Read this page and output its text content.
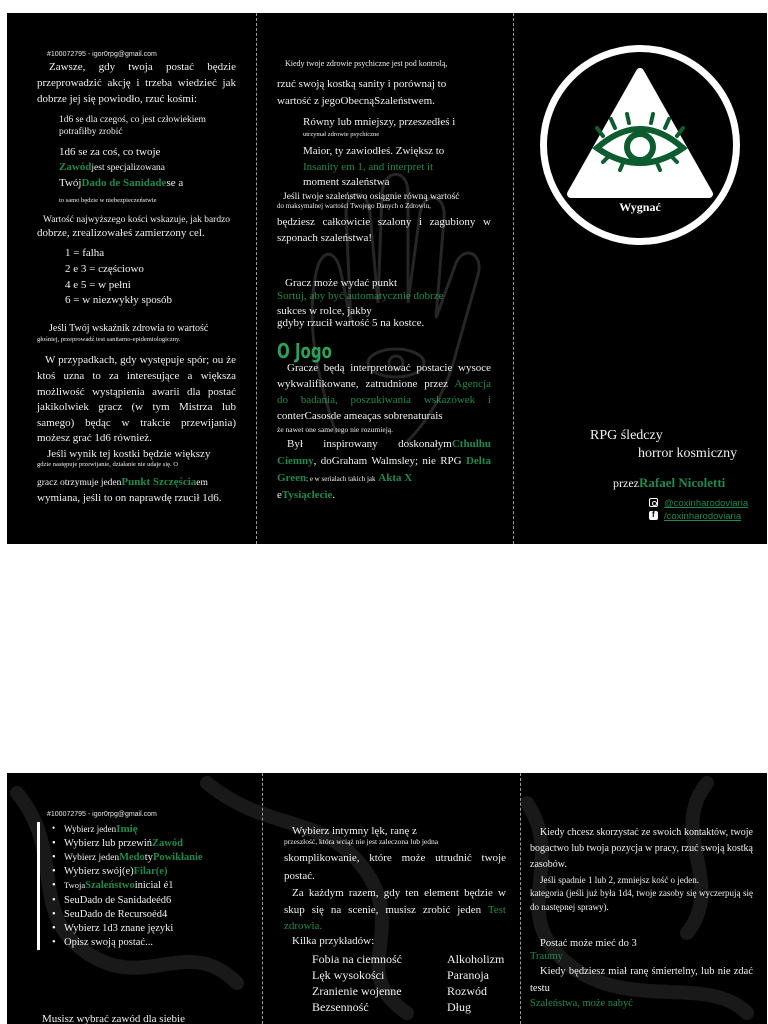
#100072795 - igor0rpg@gmail.com

Zawsze, gdy twoja postać będzie przeprowadzić akcję i trzeba wiedzieć jak dobrze jej się powiodło, rzuć kośmi:

1d6 se dla czegoś, co jest człowiekiem
potrafiłby zrobić
1d6 se za coś, co twoje
Zawódjest specjalizowana
TwójDado de Sanidadese a
to samo będzie w niebezpieczeństwie
Wartość najwyższego kości wskazuje, jak bardzo
dobrze, zrealizowałeś zamierzony cel.
1 = falha
2 e 3 = częściowo
4 e 5 = w pełni
6 = w niezwykły sposób
Jeśli Twój wskaźnik zdrowia to wartość
głośniej, przeprowadź test sanitarno-epidemiologiczny.

W przypadkach, gdy występuje spór; ou że ktoś uzna to za interesujące a większa możliwość wystąpienia awarii dla postać jakikolwiek gracz (w tym Mistrza lub samego) będąc w trakcie przewijania) możesz grać 1d6 również.

Jeśli wynik tej kostki będzie większy
gdzie następuje przewijanie, działanie nie udaje się. O
gracz otrzymuje jedenPunkt Szczęściaem
wymiana, jeśli to on naprawdę rzucił 1d6.
Kiedy twoje zdrowie psychiczne jest pod kontrolą,
rzuć swoją kostką sanity i porównaj to
wartość z jegoObecnąSzaleństwem.
Równy lub mniejszy, przeszedłeś i
utrzymał zdrowie psychiczne
Maior, ty zawiodłeś. Zwiększ to
Insanity em 1, and interpret it
moment szaleństwa
Jeśli twoje szaleństwo osiągnie równą wartość
do maksymalnej wartości Twojego Danych o Zdrowiu,

będziesz całkowicie szalony i zagubiony w szponach szaleństwa!

Gracz może wydać punkt
Sortuj, aby być automatycznie dobrze
sukces w rolce, jakby
gdyby rzucił wartość 5 na kostce.
O Jogo

Gracze będą interpretować postacie wysoce wykwalifikowane, zatrudnione przez Agencja do badania, poszukiwania wskazówek i conterCasosde ameaças sobrenaturais

że nawet one same tego nie rozumieją.

Był inspirowany doskonałymCthulhu Ciemny, doGraham Walmsley; nie RPG Delta Green; e w serialach takich jak Akta X
eTysiąclecie.

Wygnać
RPG śledczy
horror kosmiczny
przezRafael Nicoletti
@coxinharodoviaria
f /coxinharodoviaria
#100072795 - igor0rpg@gmail.com
• Wybierz jedenImię
• Wybierz lub przewińZawód
• Wybierz jedenMedotyPowikłanie
• Wybierz swój(e)Filar(e)
• TwojaSzaleństwoinicial é1
• SeuDado de Sanidadeéd6
• SeuDado de Recursoéd4
• Wybierz 1d3 znane języki
• Opisz swoją postać...
Musisz wybrać zawód dla siebie
Wybierz intymny lęk, ranę z
przeszłość, która wciąż nie jest zaleczona lub jedna

skomplikowanie, które może utrudnić twoje postać.

Za każdym razem, gdy ten element będzie w skup się na scenie, musisz zrobić jeden Test zdrowia.

Kilka przykładów:
Fobia na ciemność	Alkoholizm
Lęk wysokości	Paranoja
Zranienie wojenne	Rozwód
Bezsenność	Dług

Kiedy chcesz skorzystać ze swoich kontaktów, twoje bogactwo lub twoja pozycja w pracy, rzuć swoją kostką zasobów.

Jeśli spadnie 1 lub 2, zmniejsz kość o jeden.

kategoria (jeśli już była 1d4, twoje zasoby się wyczerpują się do następnej sprawy).

Postać może mieć do 3
Traumy

Kiedy będziesz miał ranę śmiertelny, lub nie zdać testu

Szaleństwa, może nabyć
